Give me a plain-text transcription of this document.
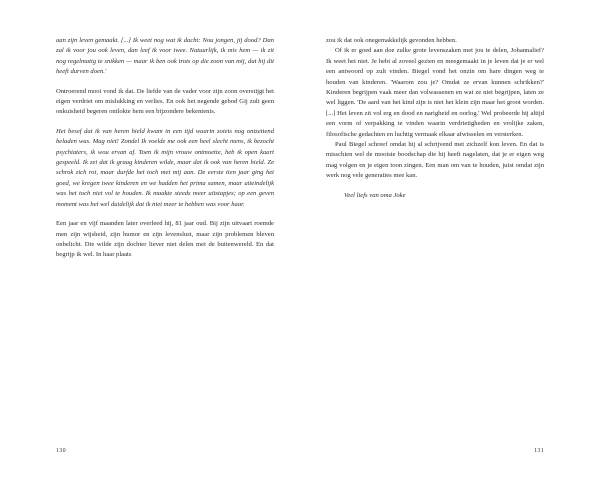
aan zijn leven gemaakt. [...] Ik weet nog wat ik dacht: Nou jongen, jij dood? Dan zal ik voor jou ook leven, dan leef ik voor twee. Natuurlijk, ik mis hem — ik zit nog regelmatig te snikken — maar ik ben ook trots op die zoon van mij, dat hij dit heeft durven doen.'

Ontroerend mooi vond ik dat. De liefde van de vader voor zijn zoon overstijgt het eigen verdriet om mislukking en verlies. En ook het negende gebod Gij zult geen onkuisheid begeren ontlokte hem een bijzondere bekentenis.

Het besef dat ik van heren hield kwam in een tijd waarin zoiets nog ontzettend beladen was. Mag niet! Zondel Ik voelde me ook een heel slecht mens, ik bezocht psychiaters, ik wou ervan af. Toen ik mijn vrouw ontmoette, heb ik open kaart gespeeld. Ik zei dat ik graag kinderen wilde, maar dat ik ook van heren hield. Ze schrok zich rot, maar durfde het toch met mij aan. De eerste tien jaar ging het goed, we kregen twee kinderen en we hadden het prima samen, maar uiteindelijk was het toch niet vol te houden. Ik maakte steeds meer uitstapjes; op een geven moment was het wel duidelijk dat ik niet meer te hebben was voor haar.

Een jaar en vijf maanden later overleed hij, 81 jaar oud. Bij zijn uitvaart roemde men zijn wijsheid, zijn humor en zijn levenslust, maar zijn problemen bleven onbelicht. Die wilde zijn dochter liever niet delen met de buitenwereld. En dat begrijp ik wel. In haar plaats

130

zou ik dat ook onegemakkelijk gevonden hebben.

Of ik er goed aan doe zulke grote levenszaken met jou te delen, Johannalief? Ik weet het niet. Je hebt al zoveel gezien en meegemaakt in je leven dat je er wel een antwoord op zult vinden. Biegel vond het onzin om hare dingen weg te houden van kinderen. 'Waarom zou je? Omdat ze ervan kunnen schrikken?' Kinderen begrijpen vaak meer dan volwassenen en wat ze niet begrijpen, laten ze wel liggen. 'De aard van het kind zijn is niet het klein zijn maar het groot worden. [...] Het leven zit vol erg en dood en narigheid en oorlog.' Wel probeerde hij altijd een vorm of verpakking te vinden waarin verdrietigheden en vrolijke zaken, filosofische gedachten en luchtig vermaak elkaar afwisselen en versterken.

Paul Biegel schreef omdat hij al schrijvend met zichzelf kon leven. En dat is misschien wel de mooiste boodschap die hij heeft nagelaten, dat je er eigen weg mag volgen en je eigen toon zingen. Een man om van te houden, juist omdat zijn werk nog vele generaties mee kan.

Veel liefs van oma Joke

131
